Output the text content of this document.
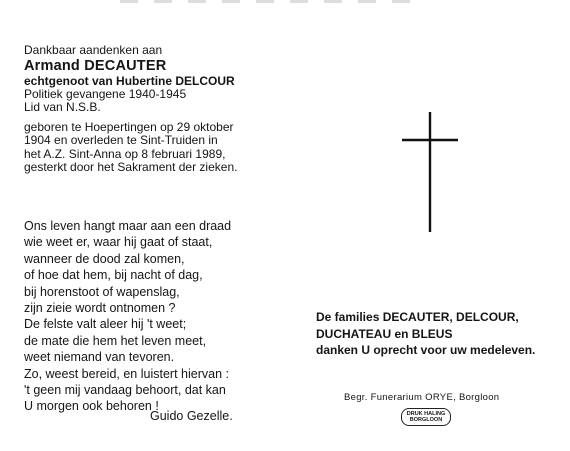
Dankbaar aandenken aan
Armand DECAUTER
echtgenoot van Hubertine DELCOUR
Politiek gevangene 1940-1945
Lid van N.S.B.
geboren te Hoepertingen op 29 oktober
1904 en overleden te Sint-Truiden in
het A.Z. Sint-Anna op 8 februari 1989,
gesterkt door het Sakrament der zieken.
Ons leven hangt maar aan een draad
wie weet er, waar hij gaat of staat,
wanneer de dood zal komen,
of hoe dat hem, bij nacht of dag,
bij horenstoot of wapenslag,
zijn zieie wordt ontnomen ?
De felste valt aleer hij 't weet;
de mate die hem het leven meet,
weet niemand van tevoren.
Zo, weest bereid, en luistert hiervan :
't geen mij vandaag behoort, dat kan
U morgen ook behoren !
Guido Gezelle.
De families DECAUTER, DELCOUR,
DUCHATEAU en BLEUS
danken U oprecht voor uw medeleven.
Begr. Funerarium ORYE, Borgloon
DRUK HALING
BORGLOON
